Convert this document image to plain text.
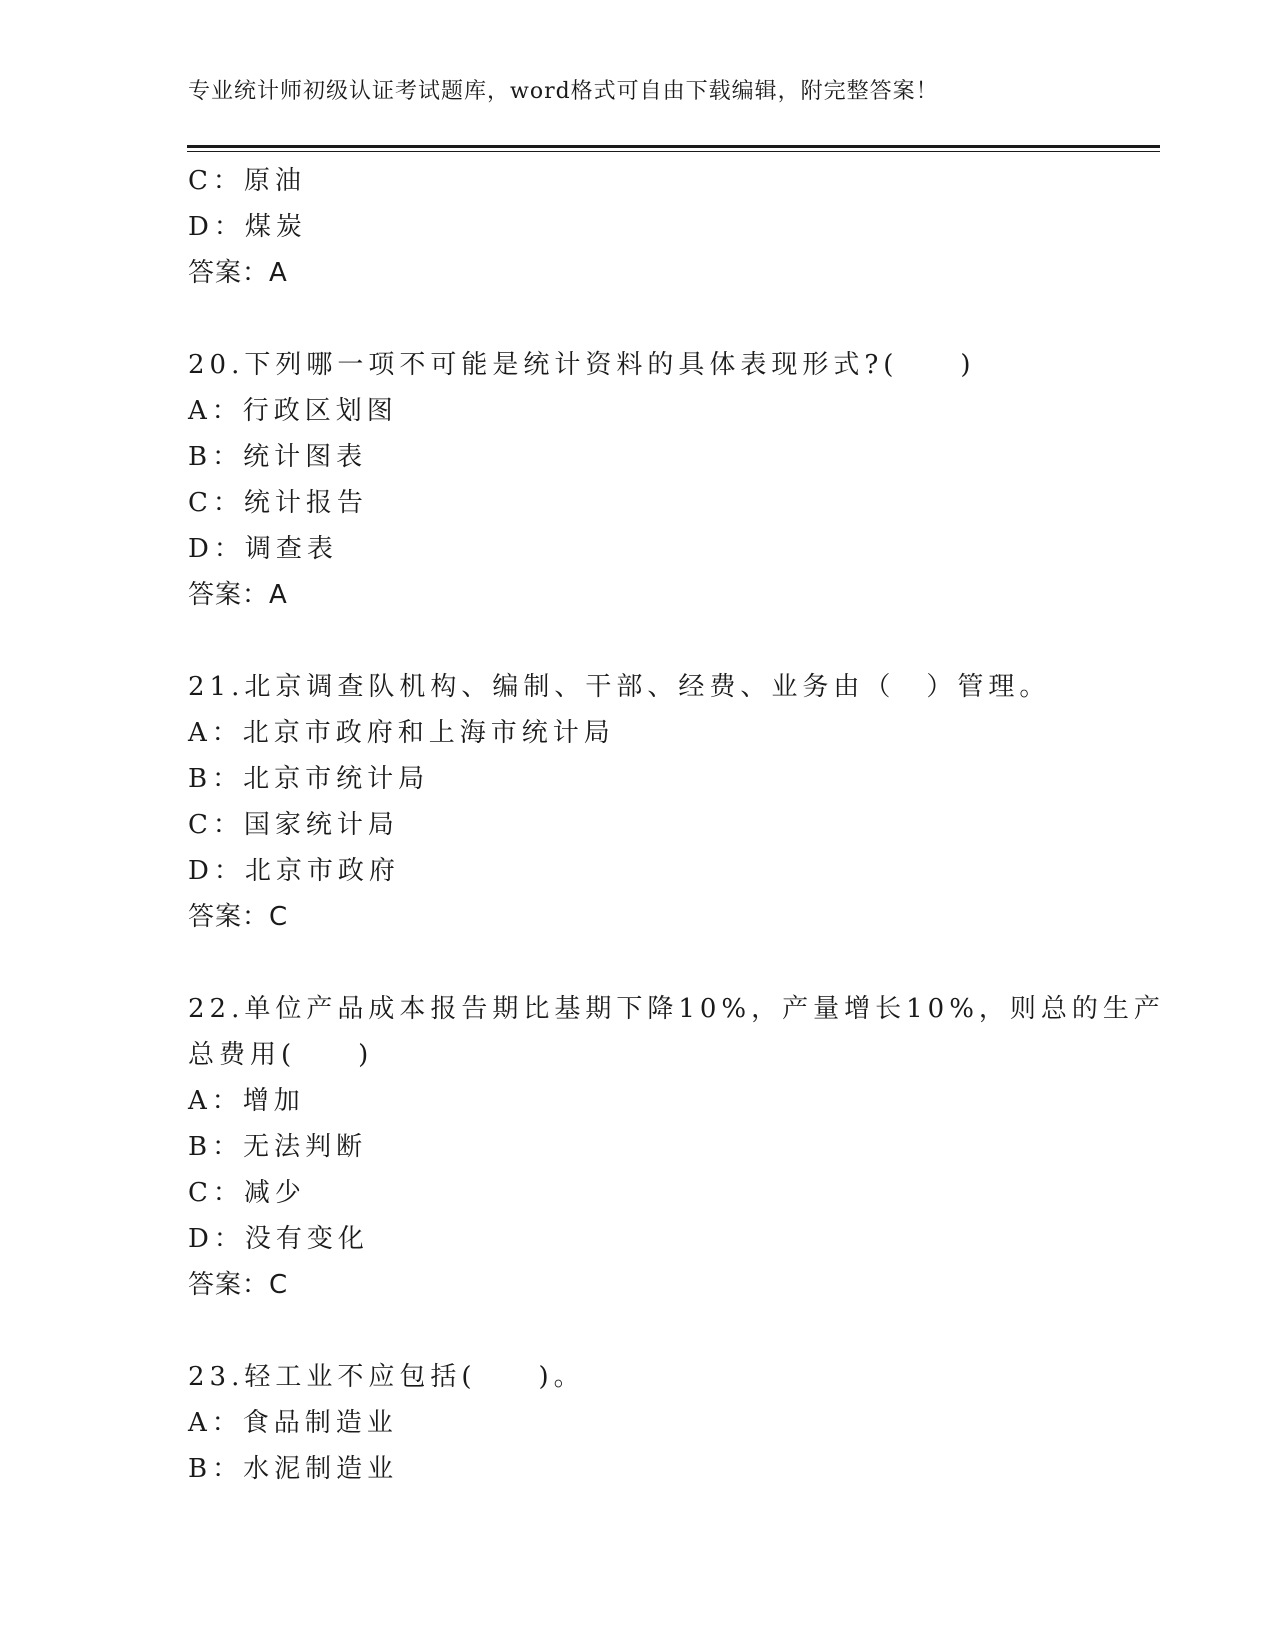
专业统计师初级认证考试题库，word格式可自由下载编辑，附完整答案！
C：原油
D：煤炭
答案：A
20.下列哪一项不可能是统计资料的具体表现形式?(　　)
A：行政区划图
B：统计图表
C：统计报告
D：调查表
答案：A
21.北京调查队机构、编制、干部、经费、业务由（　）管理。
A：北京市政府和上海市统计局
B：北京市统计局
C：国家统计局
D：北京市政府
答案：C
22.单位产品成本报告期比基期下降10%，产量增长10%，则总的生产
总费用(　　)
A：增加
B：无法判断
C：减少
D：没有变化
答案：C
23.轻工业不应包括(　　)。
A：食品制造业
B：水泥制造业
